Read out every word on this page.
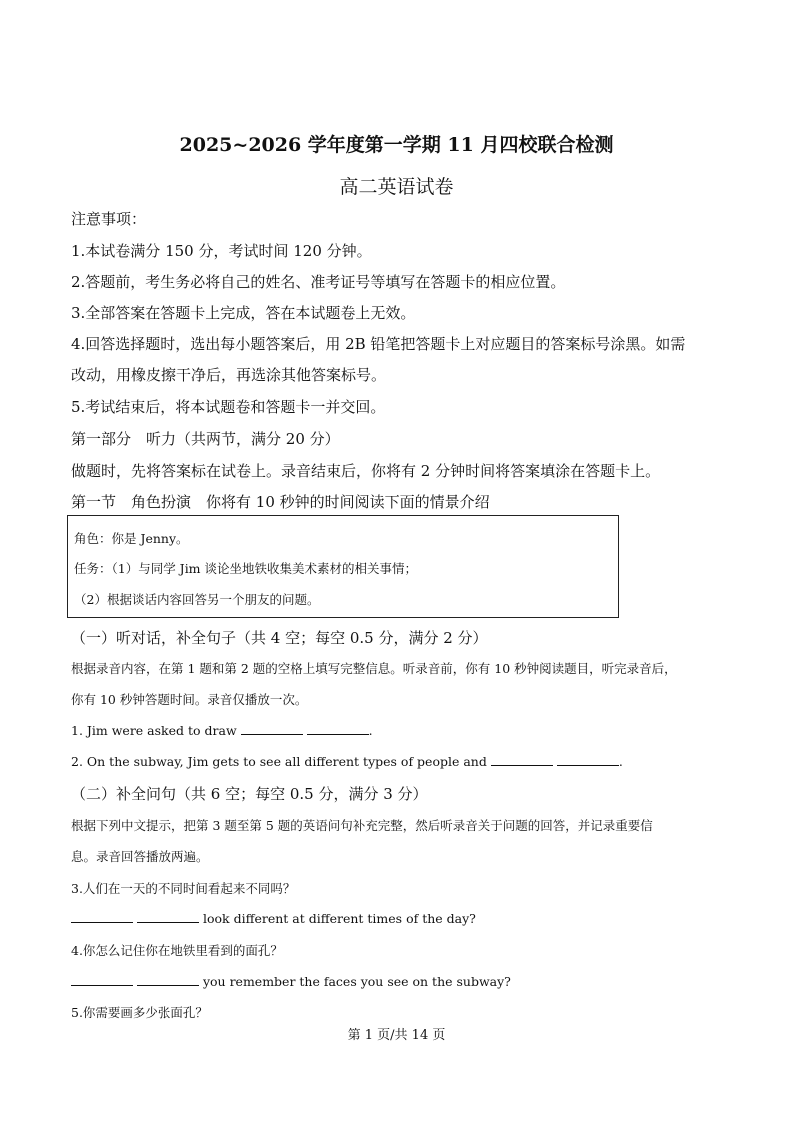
2025~2026 学年度第一学期 11 月四校联合检测
高二英语试卷
注意事项：
1.本试卷满分 150 分，考试时间 120 分钟。
2.答题前，考生务必将自己的姓名、准考证号等填写在答题卡的相应位置。
3.全部答案在答题卡上完成，答在本试题卷上无效。
4.回答选择题时，选出每小题答案后，用 2B 铅笔把答题卡上对应题目的答案标号涂黑。如需
改动，用橡皮擦干净后，再选涂其他答案标号。
5.考试结束后，将本试题卷和答题卡一并交回。
第一部分　听力（共两节，满分 20 分）
做题时，先将答案标在试卷上。录音结束后，你将有 2 分钟时间将答案填涂在答题卡上。
第一节　角色扮演　你将有 10 秒钟的时间阅读下面的情景介绍
角色：你是 Jenny。
任务：（1）与同学 Jim 谈论坐地铁收集美术素材的相关事情；
（2）根据谈话内容回答另一个朋友的问题。
（一）听对话，补全句子（共 4 空；每空 0.5 分，满分 2 分）
根据录音内容，在第 1 题和第 2 题的空格上填写完整信息。听录音前，你有 10 秒钟阅读题目，听完录音后，
你有 10 秒钟答题时间。录音仅播放一次。
1. Jim were asked to draw	.
2. On the subway, Jim gets to see all different types of people and	.
（二）补全问句（共 6 空；每空 0.5 分，满分 3 分）
根据下列中文提示，把第 3 题至第 5 题的英语问句补充完整，然后听录音关于问题的回答，并记录重要信
息。录音回答播放两遍。
3.人们在一天的不同时间看起来不同吗？
look different at different times of the day?
4.你怎么记住你在地铁里看到的面孔？
you remember the faces you see on the subway?
5.你需要画多少张面孔？
第 1 页/共 14 页
